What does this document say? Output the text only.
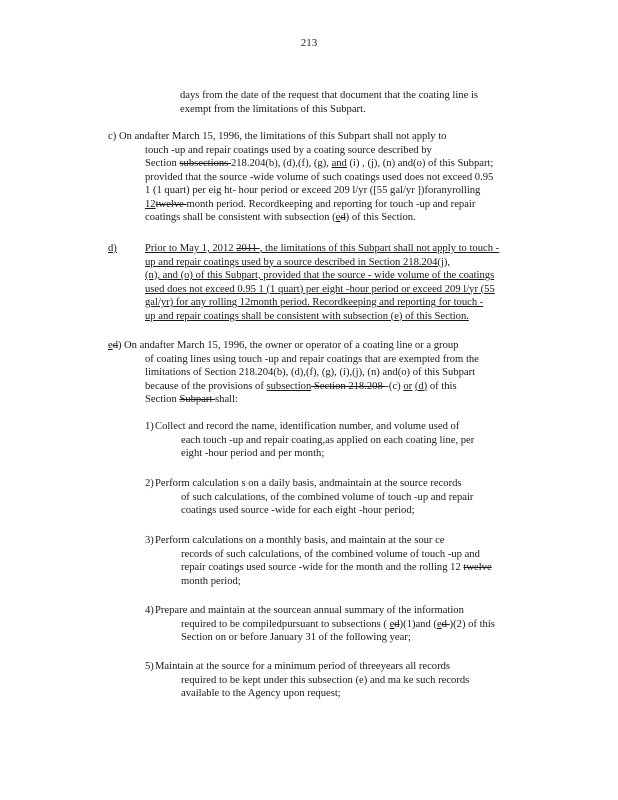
213
days from the date of the request that document that the coating line is
exempt from the limitations of this Subpart.
c) On andafter March 15, 1996, the limitations of this Subpart shall not apply to
touch -up and repair coatings used by a coating source described by
Section subsections 218.204(b), (d),(f), (g), and (i) , (j), (n) and(o) of this Subpart;
provided that the source -wide volume of such coatings used does not exceed 0.95
1 (1 quart) per eig ht- hour period or exceed 209 l/yr ([55 gal/yr ])foranyrolling
12twelve month period. Recordkeeping and reporting for touch -up and repair
coatings shall be consistent with subsection (ed) of this Section.
d)	Prior to May 1, 2012 2011 , the limitations of this Subpart shall not apply to touch -
up and repair coatings used by a source described in Section 218.204(j),
(n), and (o) of this Subpart, provided that the source - wide volume of the coatings
used does not exceed 0.95 1 (1 quart) per eight -hour period or exceed 209 l/yr (55
gal/yr) for any rolling 12month period. Recordkeeping and reporting for touch -
up and repair coatings shall be consistent with subsection (e) of this Section.
ed) On andafter March 15, 1996, the owner or operator of a coating line or a group
of coating lines using touch -up and repair coatings that are exempted from the
limitations of Section 218.204(b), (d),(f), (g), (i),(j), (n) and(o) of this Subpart
because of the provisions of subsection Section 218.208 -(c) or (d) of this
Section Subpart shall:
1) Collect and record the name, identification number, and volume used of
each touch -up and repair coating,as applied on each coating line, per
eight -hour period and per month;
2) Perform calculation s on a daily basis, andmaintain at the source records
of such calculations, of the combined volume of touch -up and repair
coatings used source -wide for each eight -hour period;
3) Perform calculations on a monthly basis, and maintain at the sour ce
records of such calculations, of the combined volume of touch -up and
repair coatings used source -wide for the month and the rolling 12 twelve
month period;
4) Prepare and maintain at the sourcean annual summary of the information
required to be compiledpursuant to subsections ( ed)(1)and (ed )(2) of this
Section on or before January 31 of the following year;
5) Maintain at the source for a minimum period of threeyears all records
required to be kept under this subsection (e) and ma ke such records
available to the Agency upon request;
